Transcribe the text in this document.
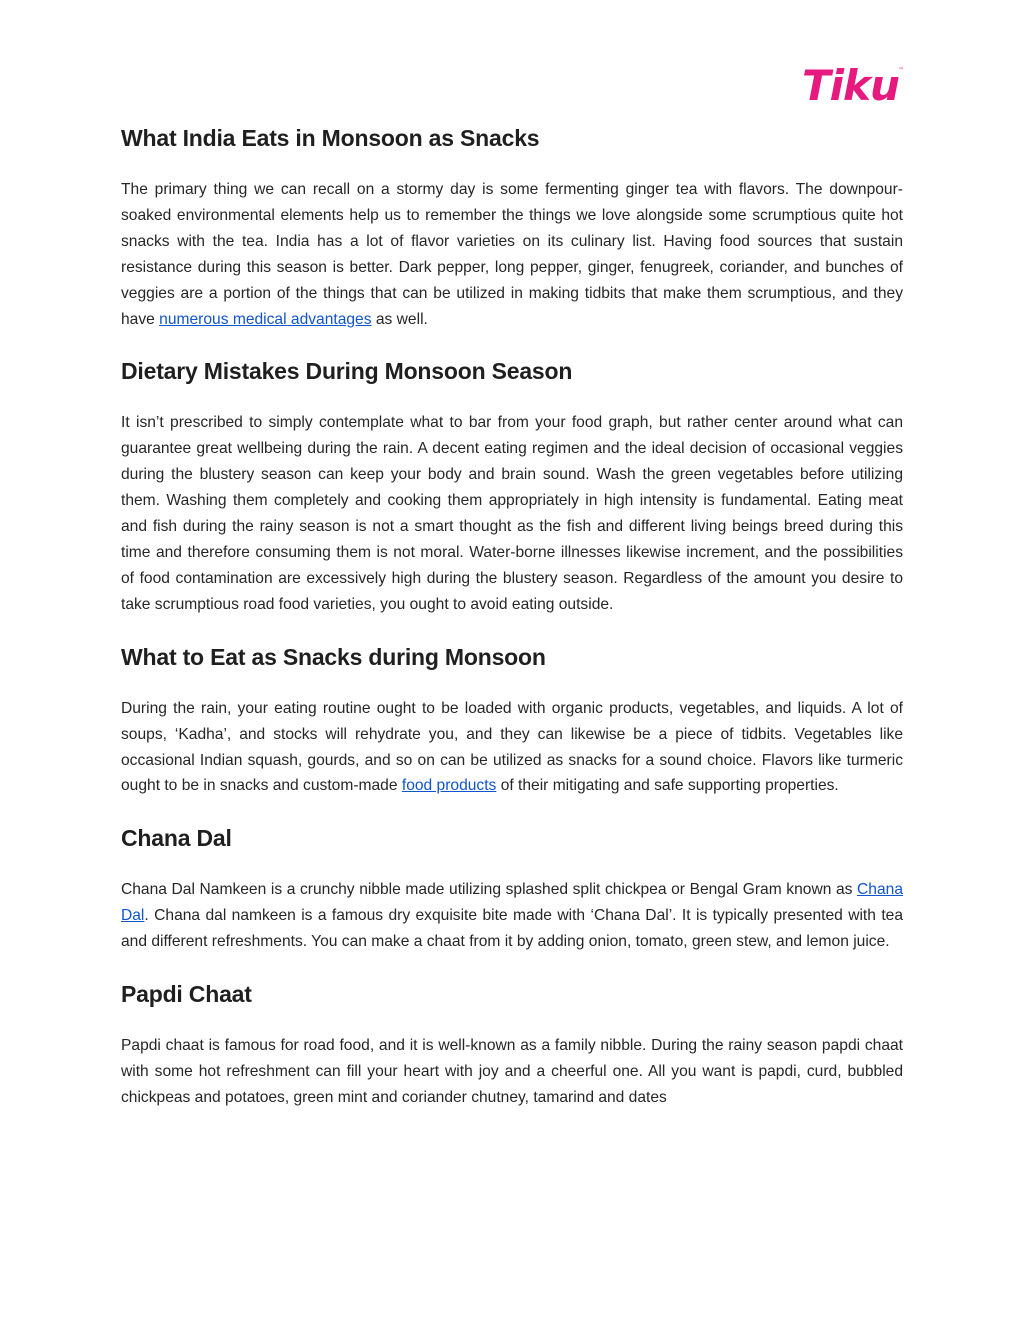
Tiku ™
What India Eats in Monsoon as Snacks

The primary thing we can recall on a stormy day is some fermenting ginger tea with flavors. The downpour-soaked environmental elements help us to remember the things we love alongside some scrumptious quite hot snacks with the tea. India has a lot of flavor varieties on its culinary list. Having food sources that sustain resistance during this season is better. Dark pepper, long pepper, ginger, fenugreek, coriander, and bunches of veggies are a portion of the things that can be utilized in making tidbits that make them scrumptious, and they have numerous medical advantages as well.

Dietary Mistakes During Monsoon Season

It isn’t prescribed to simply contemplate what to bar from your food graph, but rather center around what can guarantee great wellbeing during the rain. A decent eating regimen and the ideal decision of occasional veggies during the blustery season can keep your body and brain sound. Wash the green vegetables before utilizing them. Washing them completely and cooking them appropriately in high intensity is fundamental. Eating meat and fish during the rainy season is not a smart thought as the fish and different living beings breed during this time and therefore consuming them is not moral. Water-borne illnesses likewise increment, and the possibilities of food contamination are excessively high during the blustery season. Regardless of the amount you desire to take scrumptious road food varieties, you ought to avoid eating outside.

What to Eat as Snacks during Monsoon

During the rain, your eating routine ought to be loaded with organic products, vegetables, and liquids. A lot of soups, ‘Kadha’, and stocks will rehydrate you, and they can likewise be a piece of tidbits. Vegetables like occasional Indian squash, gourds, and so on can be utilized as snacks for a sound choice. Flavors like turmeric ought to be in snacks and custom-made food products of their mitigating and safe supporting properties.

Chana Dal

Chana Dal Namkeen is a crunchy nibble made utilizing splashed split chickpea or Bengal Gram known as Chana Dal. Chana dal namkeen is a famous dry exquisite bite made with ‘Chana Dal’. It is typically presented with tea and different refreshments. You can make a chaat from it by adding onion, tomato, green stew, and lemon juice.

Papdi Chaat

Papdi chaat is famous for road food, and it is well-known as a family nibble. During the rainy season papdi chaat with some hot refreshment can fill your heart with joy and a cheerful one. All you want is papdi, curd, bubbled chickpeas and potatoes, green mint and coriander chutney, tamarind and dates
